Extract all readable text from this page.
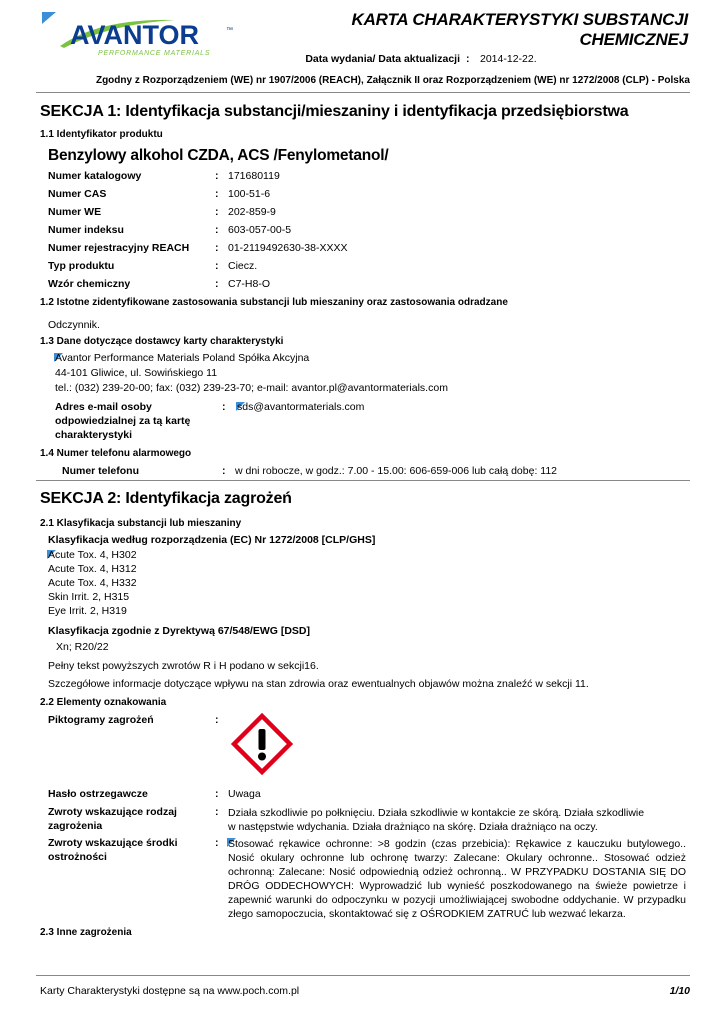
AVANTOR	™
PERFORMANCE MATERIALS
KARTA CHARAKTERYSTYKI SUBSTANCJI CHEMICZNEJ
Data wydania/ Data aktualizacji : 2014-12-22.
Zgodny z Rozporządzeniem (WE) nr 1907/2006 (REACH), Załącznik II oraz Rozporządzeniem (WE) nr 1272/2008 (CLP) - Polska
SEKCJA 1: Identyfikacja substancji/mieszaniny i identyfikacja przedsiębiorstwa
1.1 Identyfikator produktu
Benzylowy alkohol CZDA, ACS /Fenylometanol/
Numer katalogowy	: 171680119
Numer CAS	: 100-51-6
Numer WE	: 202-859-9
Numer indeksu	: 603-057-00-5
Numer rejestracyjny REACH : 01-2119492630-38-XXXX
Typ produktu	: Ciecz.
Wzór chemiczny	: C7-H8-O
1.2 Istotne zidentyfikowane zastosowania substancji lub mieszaniny oraz zastosowania odradzane
Odczynnik.
1.3 Dane dotyczące dostawcy karty charakterystyki
Avantor Performance Materials Poland Spółka Akcyjna
44-101 Gliwice, ul. Sowińskiego 11
tel.: (032) 239-20-00; fax: (032) 239-23-70; e-mail: avantor.pl@avantormaterials.com
Adres e-mail osoby
odpowiedzialnej za tą kartę
charakterystyki
: sds@avantormaterials.com
1.4 Numer telefonu alarmowego
Numer telefonu	: w dni robocze, w godz.: 7.00 - 15.00: 606-659-006 lub całą dobę: 112
SEKCJA 2: Identyfikacja zagrożeń
2.1 Klasyfikacja substancji lub mieszaniny
Klasyfikacja według rozporządzenia (EC) Nr 1272/2008 [CLP/GHS]
Acute Tox. 4, H302
Acute Tox. 4, H312
Acute Tox. 4, H332
Skin Irrit. 2, H315
Eye Irrit. 2, H319
Klasyfikacja zgodnie z Dyrektywą 67/548/EWG [DSD]
Xn; R20/22
Pełny tekst powyższych zwrotów R i H podano w sekcji16.
Szczegółowe informacje dotyczące wpływu na stan zdrowia oraz ewentualnych objawów można znaleźć w sekcji 11.
2.2 Elementy oznakowania
Piktogramy zagrożeń	:
Hasło ostrzegawcze	: Uwaga
Zwroty wskazujące rodzaj
zagrożenia
: Działa szkodliwie po połknięciu. Działa szkodliwie w kontakcie ze skórą. Działa szkodliwie w następstwie wdychania. Działa drażniąco na skórę. Działa drażniąco na oczy.
Zwroty wskazujące środki
ostrożności
: Stosować rękawice ochronne: >8 godzin (czas przebicia): Rękawice z kauczuku butylowego.. Nosić okulary ochronne lub ochronę twarzy: Zalecane: Okulary ochronne.. Stosować odzież ochronną: Zalecane: Nosić odpowiednią odzież ochronną.. W PRZYPADKU DOSTANIA SIĘ DO DRÓG ODDECHOWYCH: Wyprowadzić lub wynieść poszkodowanego na świeże powietrze i zapewnić warunki do odpoczynku w pozycji umożliwiającej swobodne oddychanie. W przypadku złego samopoczucia, skontaktować się z OŚRODKIEM ZATRUĆ lub wezwać lekarza.
2.3 Inne zagrożenia
Karty Charakterystyki dostępne są na www.poch.com.pl	1/10
